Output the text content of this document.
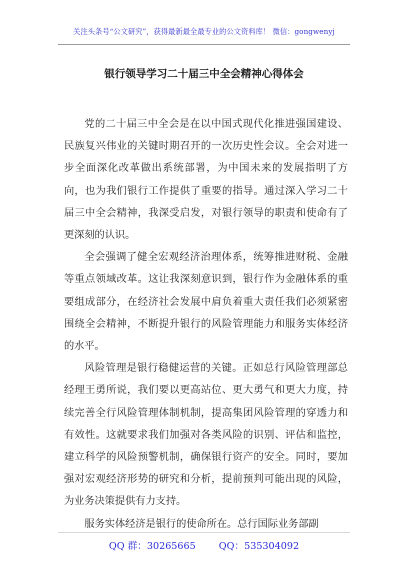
关注头条号“公文研究”，获得最新最全最专业的公文资料库！ 微信：gongwenyj
银行领导学习二十届三中全会精神心得体会

党的二十届三中全会是在以中国式现代化推进强国建设、民族复兴伟业的关键时期召开的一次历史性会议。全会对进一步全面深化改革做出系统部署，为中国未来的发展指明了方向，也为我们银行工作提供了重要的指导。通过深入学习二十届三中全会精神，我深受启发，对银行领导的职责和使命有了更深刻的认识。

全会强调了健全宏观经济治理体系，统筹推进财税、金融等重点领域改革。这让我深刻意识到，银行作为金融体系的重要组成部分，在经济社会发展中肩负着重大责任我们必须紧密围绕全会精神，不断提升银行的风险管理能力和服务实体经济的水平。

风险管理是银行稳健运营的关键。正如总行风险管理部总经理王勇所说，我们要以更高站位、更大勇气和更大力度，持续完善全行风险管理体制机制，提高集团风险管理的穿透力和有效性。这就要求我们加强对各类风险的识别、评估和监控，建立科学的风险预警机制，确保银行资产的安全。同时，要加强对宏观经济形势的研究和分析，提前预判可能出现的风险，为业务决策提供有力支持。

服务实体经济是银行的使命所在。总行国际业务部副

QQ 群：30265665 QQ：535304092
